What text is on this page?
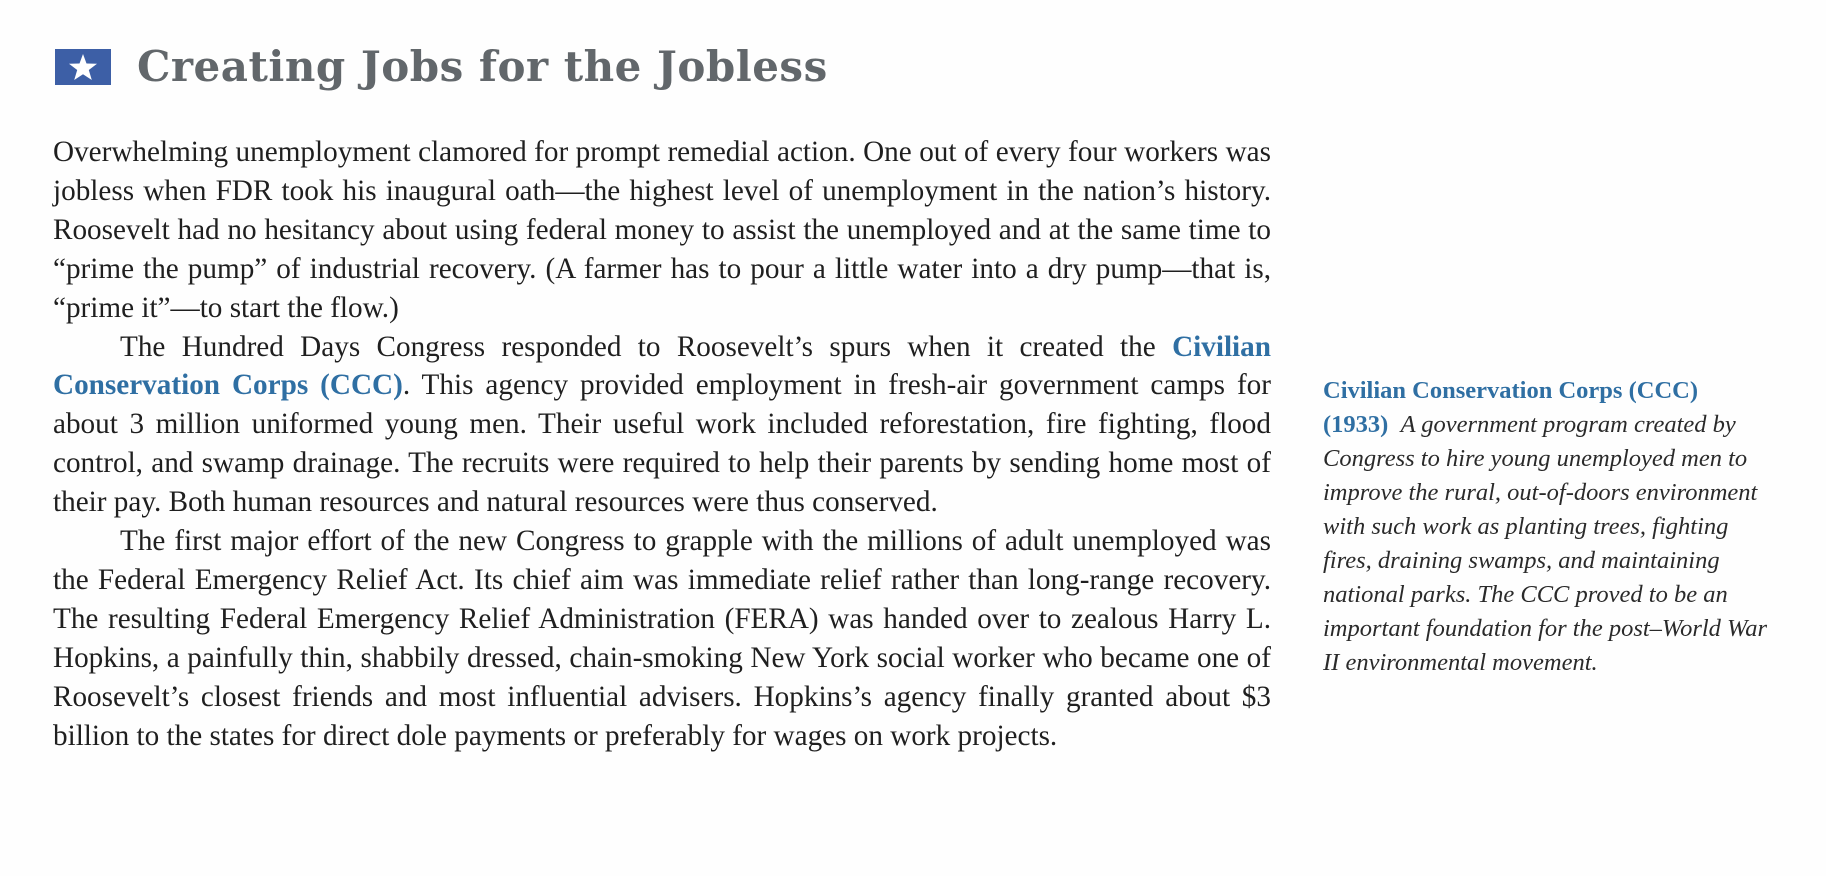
Creating Jobs for the Jobless

Overwhelming unemployment clamored for prompt remedial action. One out of every four workers was jobless when FDR took his inaugural oath—the highest level of unemployment in the nation’s history. Roosevelt had no hesitancy about using federal money to assist the unemployed and at the same time to “prime the pump” of industrial recovery. (A farmer has to pour a little water into a dry pump—that is, “prime it”—to start the flow.)

The Hundred Days Congress responded to Roosevelt’s spurs when it created the Civilian Conservation Corps (CCC). This agency provided employment in fresh-air government camps for about 3 million uniformed young men. Their useful work included reforestation, fire fighting, flood control, and swamp drainage. The recruits were required to help their parents by sending home most of their pay. Both human resources and natural resources were thus conserved.

The first major effort of the new Congress to grapple with the millions of adult unemployed was the Federal Emergency Relief Act. Its chief aim was immediate relief rather than long-range recovery. The resulting Federal Emergency Relief Administration (FERA) was handed over to zealous Harry L. Hopkins, a painfully thin, shabbily dressed, chain-smoking New York social worker who became one of Roosevelt’s closest friends and most influential advisers. Hopkins’s agency finally granted about $3 billion to the states for direct dole payments or preferably for wages on work projects.

Civilian Conservation Corps (CCC) (1933) A government program created by Congress to hire young unemployed men to improve the rural, out-of-doors environment with such work as planting trees, fighting fires, draining swamps, and maintaining national parks. The CCC proved to be an important foundation for the post–World War II environmental movement.
